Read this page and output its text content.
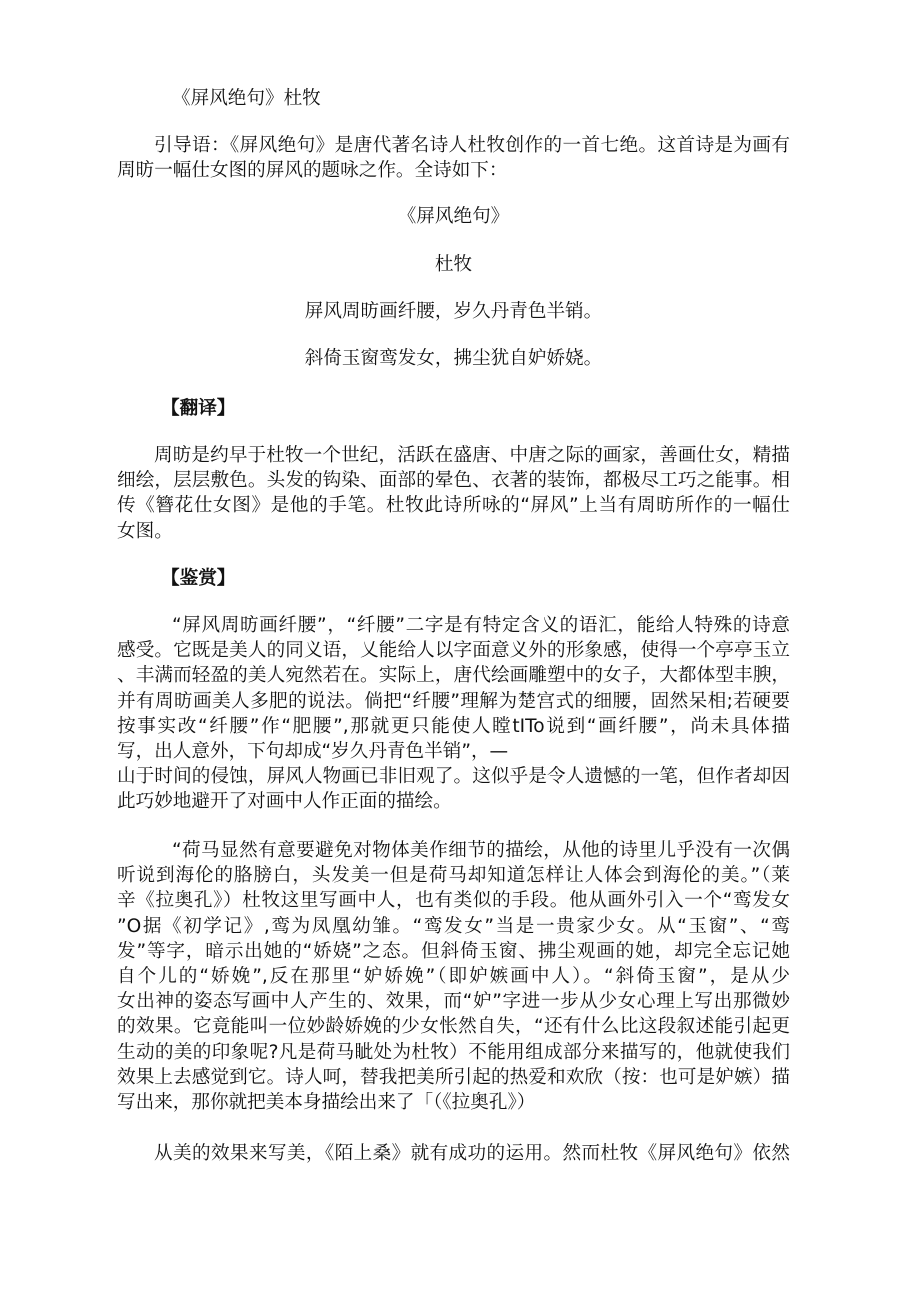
《屏风绝句》杜牧
引导语：《屏风绝句》是唐代著名诗人杜牧创作的一首七绝。这首诗是为画有
周昉一幅仕女图的屏风的题咏之作。全诗如下：
《屏风绝句》
杜牧
屏风周昉画纤腰，岁久丹青色半销。
斜倚玉窗鸾发女，拂尘犹自妒娇娆。
【翻译】
周昉是约早于杜牧一个世纪，活跃在盛唐、中唐之际的画家，善画仕女，精描
细绘，层层敷色。头发的钩染、面部的晕色、衣著的装饰，都极尽工巧之能事。相
传《簪花仕女图》是他的手笔。杜牧此诗所咏的“屏风”上当有周昉所作的一幅仕
女图。
【鉴赏】
“屏风周昉画纤腰”，“纤腰”二字是有特定含义的语汇，能给人特殊的诗意
感受。它既是美人的同义语，乂能给人以字面意义外的形象感，使得一个亭亭玉立
、丰满而轻盈的美人宛然若在。实际上，唐代绘画雕塑中的女子，大都体型丰腴，
并有周昉画美人多肥的说法。倘把“纤腰”理解为楚宫式的细腰，固然呆相;若硬要
按事实改“纤腰”作“肥腰”,那就更只能使人瞠tITo说到“画纤腰”，尚未具体描
写，出人意外，下句却成“岁久丹青色半销”，—
山于时间的侵蚀，屏风人物画已非旧观了。这似乎是令人遗憾的一笔，但作者却因
此巧妙地避开了对画中人作正面的描绘。
“荷马显然有意要避免对物体美作细节的描绘，从他的诗里儿乎没有一次偶
听说到海伦的胳膀白，头发美一但是荷马却知道怎样让人体会到海伦的美。”（莱
辛《拉奥孔》）杜牧这里写画中人，也有类似的手段。他从画外引入一个“鸾发女
”O据《初学记》,鸾为凤凰幼雏。“鸾发女”当是一贵家少女。从“玉窗”、“鸾
发”等字，暗示出她的“娇娆”之态。但斜倚玉窗、拂尘观画的她，却完全忘记她
自个儿的“娇娩”,反在那里“妒娇娩”（即妒嫉画中人）。“斜倚玉窗”，是从少
女出神的姿态写画中人产生的、效果，而“妒”字进一步从少女心理上写出那微妙
的效果。它竟能叫一位妙龄娇娩的少女怅然自失，“还有什么比这段叙述能引起更
生动的美的印象呢?凡是荷马眦处为杜牧）不能用组成部分来描写的，他就使我们
效果上去感觉到它。诗人呵，替我把美所引起的热爱和欢欣（按：也可是妒嫉）描
写出来，那你就把美本身描绘出来了「（《拉奥孔》）
从美的效果来写美，《陌上桑》就有成功的运用。然而杜牧《屏风绝句》依然
